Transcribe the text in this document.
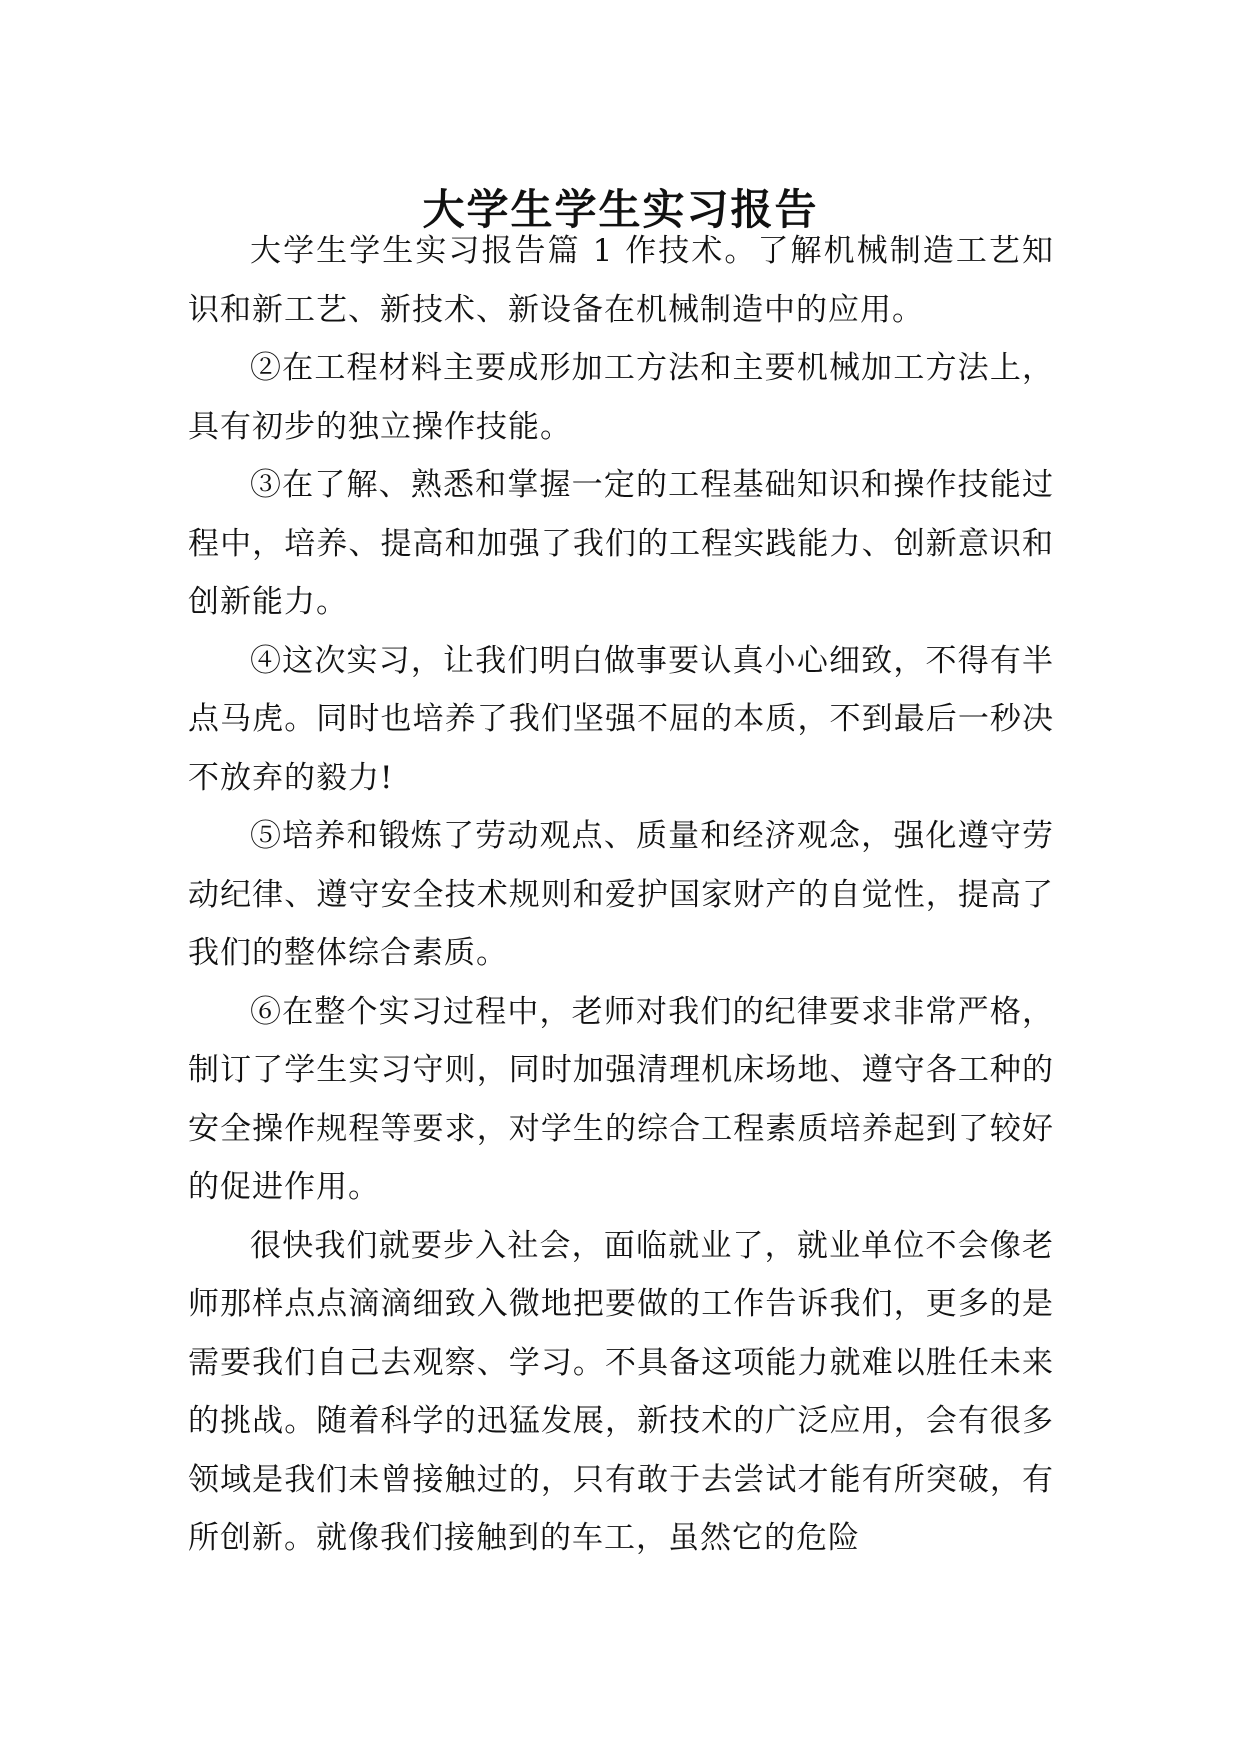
大学生学生实习报告

大学生学生实习报告篇 1 作技术。了解机械制造工艺知识和新工艺、新技术、新设备在机械制造中的应用。

②在工程材料主要成形加工方法和主要机械加工方法上，具有初步的独立操作技能。

③在了解、熟悉和掌握一定的工程基础知识和操作技能过程中，培养、提高和加强了我们的工程实践能力、创新意识和创新能力。

④这次实习，让我们明白做事要认真小心细致，不得有半点马虎。同时也培养了我们坚强不屈的本质，不到最后一秒决不放弃的毅力!

⑤培养和锻炼了劳动观点、质量和经济观念，强化遵守劳动纪律、遵守安全技术规则和爱护国家财产的自觉性，提高了我们的整体综合素质。

⑥在整个实习过程中，老师对我们的纪律要求非常严格，制订了学生实习守则，同时加强清理机床场地、遵守各工种的安全操作规程等要求，对学生的综合工程素质培养起到了较好的促进作用。

很快我们就要步入社会，面临就业了，就业单位不会像老师那样点点滴滴细致入微地把要做的工作告诉我们，更多的是需要我们自己去观察、学习。不具备这项能力就难以胜任未来的挑战。随着科学的迅猛发展，新技术的广泛应用，会有很多领域是我们未曾接触过的，只有敢于去尝试才能有所突破，有所创新。就像我们接触到的车工，虽然它的危险
